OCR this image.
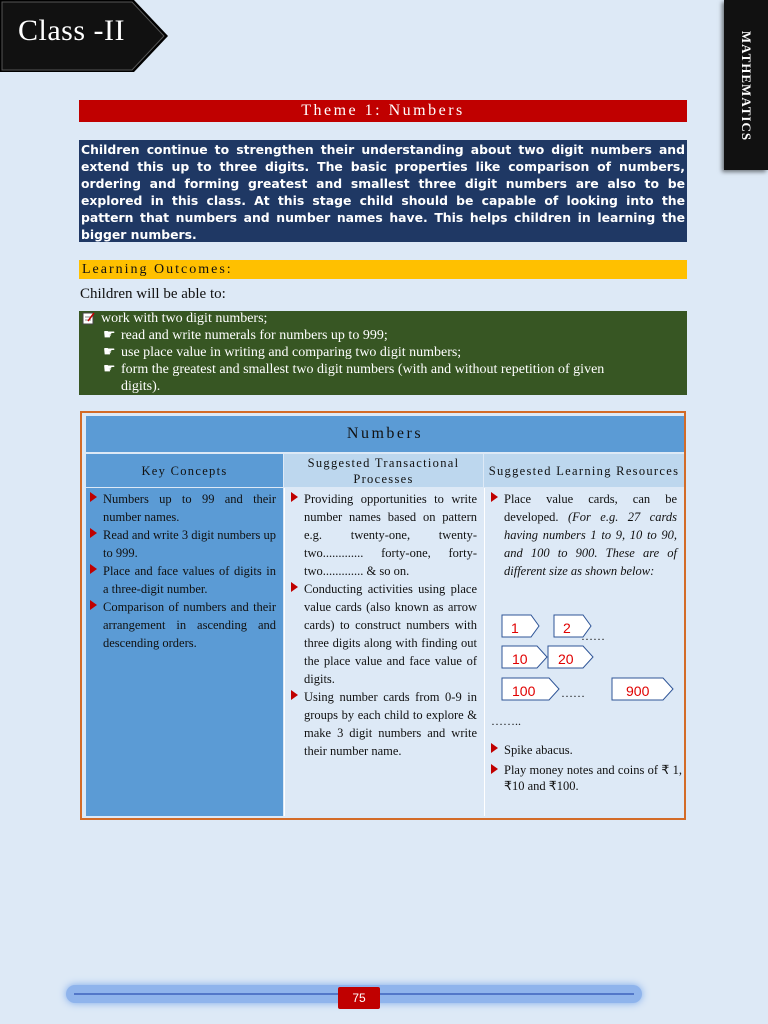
Class -II
MATHEMATICS
Theme 1: Numbers
Children continue to strengthen their understanding about two digit numbers and extend this up to three digits. The basic properties like comparison of numbers, ordering and forming greatest and smallest three digit numbers are also to be explored in this class. At this stage child should be capable of looking into the pattern that numbers and number names have. This helps children in learning the bigger numbers.
Learning Outcomes:
Children will be able to:
work with two digit numbers;
☛ read and write numerals for numbers up to 999;
☛ use place value in writing and comparing two digit numbers;
☛ form the greatest and smallest two digit numbers (with and without repetition of given
digits).
Numbers
Key Concepts
Suggested Transactional Processes
Suggested Learning Resources
Numbers up to 99 and their number names.
Read and write 3 digit numbers up to 999.
Place and face values of digits in a three-digit number.
Comparison of numbers and their arrangement in ascending and descending orders.
Providing opportunities to write number names based on pattern e.g. twenty-one, twenty-two............. forty-one, forty-two............. & so on.
Conducting activities using place value cards (also known as arrow cards) to construct numbers with three digits along with finding out the place value and face value of digits.
Using number cards from 0-9 in groups by each child to explore & make 3 digit numbers and write their number name.
Place value cards, can be developed. (For e.g. 27 cards having numbers 1 to 9, 10 to 90, and 100 to 900. These are of different size as shown below:
1	2 ……
10 20
100 ……	900
……..
Spike abacus.
Play money notes and coins of ₹ 1, ₹10 and ₹100.
75
